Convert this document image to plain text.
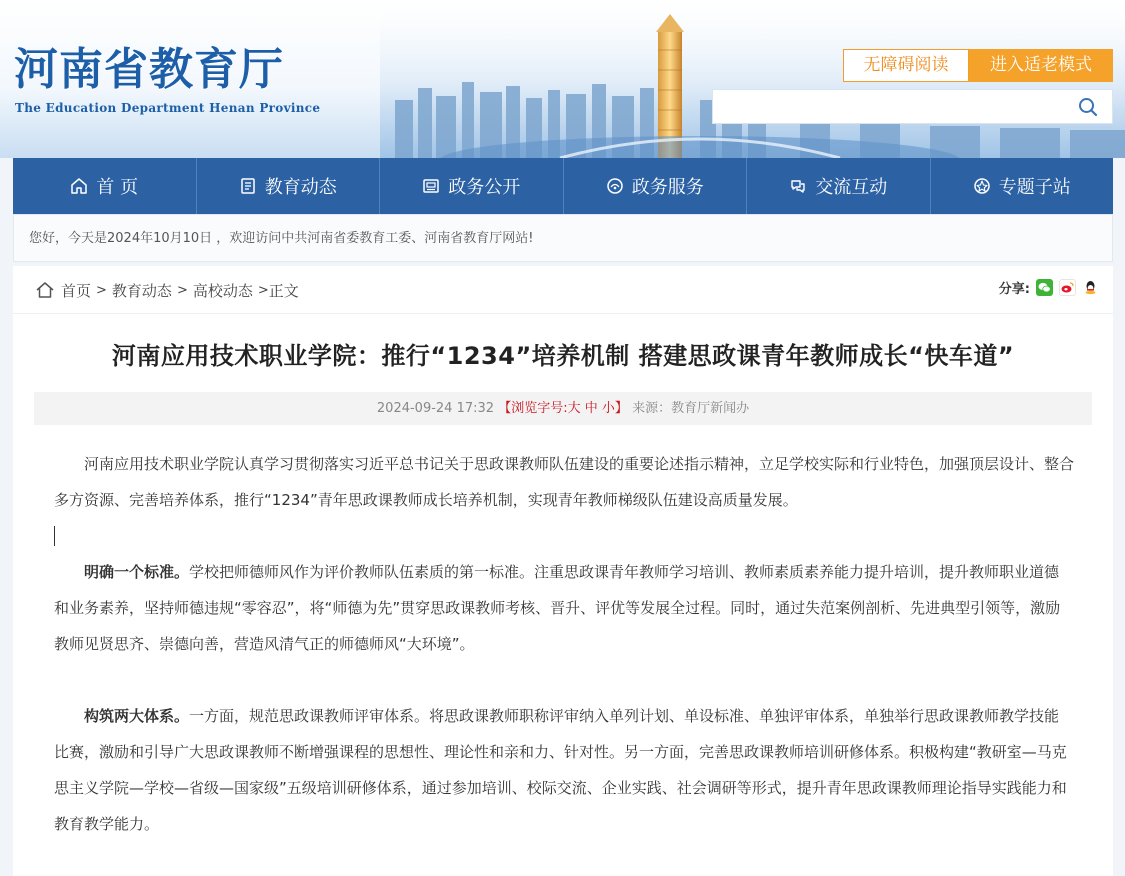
河南省教育厅
The Education Department Henan Province
无障碍阅读	进入适老模式
首 页	教育动态	政务公开	政务服务	交流互动	专题子站
您好，今天是2024年10月10日 ，欢迎访问中共河南省委教育工委、河南省教育厅网站!
首页 > 教育动态 > 高校动态 > 正文	分享:
河南应用技术职业学院：推行“1234”培养机制 搭建思政课青年教师成长“快车道”
2024-09-24 17:32 【浏览字号:大 中 小】 来源：教育厅新闻办

河南应用技术职业学院认真学习贯彻落实习近平总书记关于思政课教师队伍建设的重要论述指示精神，立足学校实际和行业特色，加强顶层设计、整合多方资源、完善培养体系，推行“1234”青年思政课教师成长培养机制，实现青年教师梯级队伍建设高质量发展。

明确一个标准。学校把师德师风作为评价教师队伍素质的第一标准。注重思政课青年教师学习培训、教师素质素养能力提升培训，提升教师职业道德和业务素养，坚持师德违规“零容忍”，将“师德为先”贯穿思政课教师考核、晋升、评优等发展全过程。同时，通过失范案例剖析、先进典型引领等，激励教师见贤思齐、崇德向善，营造风清气正的师德师风“大环境”。

构筑两大体系。一方面，规范思政课教师评审体系。将思政课教师职称评审纳入单列计划、单设标准、单独评审体系，单独举行思政课教师教学技能比赛，激励和引导广大思政课教师不断增强课程的思想性、理论性和亲和力、针对性。另一方面，完善思政课教师培训研修体系。积极构建“教研室—马克思主义学院—学校—省级—国家级”五级培训研修体系，通过参加培训、校际交流、企业实践、社会调研等形式，提升青年思政课教师理论指导实践能力和教育教学能力。
